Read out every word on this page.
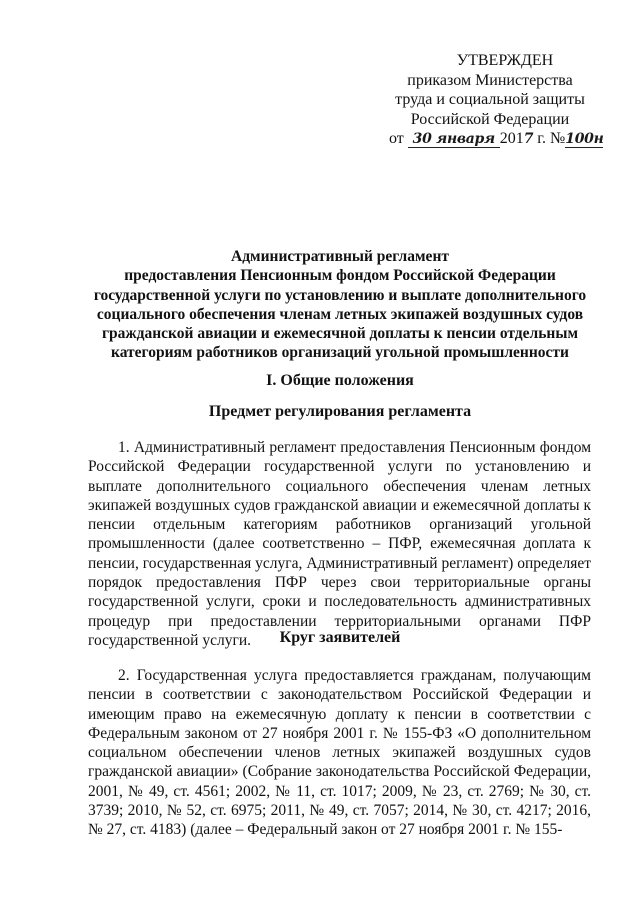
УТВЕРЖДЕН
приказом Министерства
труда и социальной защиты
Российской Федерации
от 30 января 2017 г. №100н
Административный регламент
предоставления Пенсионным фондом Российской Федерации
государственной услуги по установлению и выплате дополнительного
социального обеспечения членам летных экипажей воздушных судов
гражданской авиации и ежемесячной доплаты к пенсии отдельным
категориям работников организаций угольной промышленности
I. Общие положения
Предмет регулирования регламента
1. Административный регламент предоставления Пенсионным фондом Российской Федерации государственной услуги по установлению и выплате дополнительного социального обеспечения членам летных экипажей воздушных судов гражданской авиации и ежемесячной доплаты к пенсии отдельным категориям работников организаций угольной промышленности (далее соответственно – ПФР, ежемесячная доплата к пенсии, государственная услуга, Административный регламент) определяет порядок предоставления ПФР через свои территориальные органы государственной услуги, сроки и последовательность административных процедур при предоставлении территориальными органами ПФР государственной услуги.	Круг заявителей
2. Государственная услуга предоставляется гражданам, получающим пенсии в соответствии с законодательством Российской Федерации и имеющим право на ежемесячную доплату к пенсии в соответствии с Федеральным законом от 27 ноября 2001 г. № 155-ФЗ «О дополнительном социальном обеспечении членов летных экипажей воздушных судов гражданской авиации» (Собрание законодательства Российской Федерации, 2001, № 49, ст. 4561; 2002, № 11, ст. 1017; 2009, № 23, ст. 2769; № 30, ст. 3739; 2010, № 52, ст. 6975; 2011, № 49, ст. 7057; 2014, № 30, ст. 4217; 2016, № 27, ст. 4183) (далее – Федеральный закон от 27 ноября 2001 г. № 155-
